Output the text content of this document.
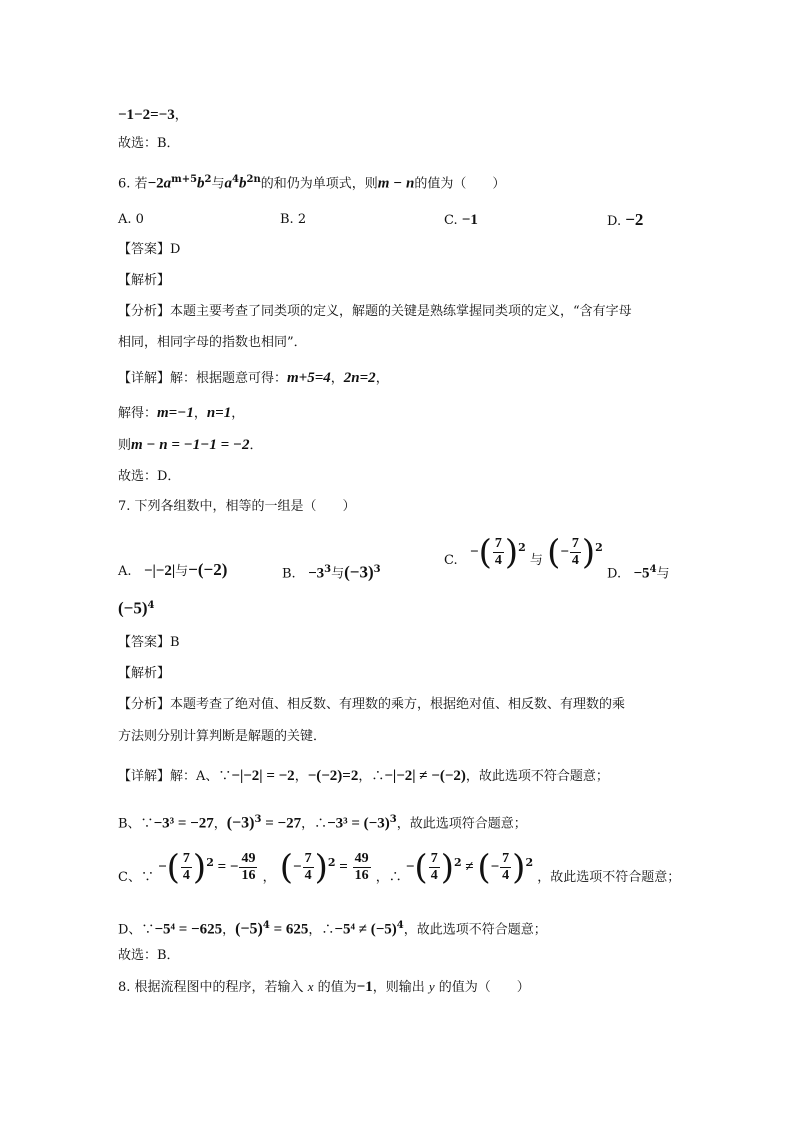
−1−2=−3，
故选：B．
6. 若$-2a^{m+5}b^2$与$a^4b^{2n}$的和仍为单项式，则m − n的值为（　　）
A. 0	B. 2	C. −1	D. −2
【答案】D
【解析】
【分析】本题主要考查了同类项的定义，解题的关键是熟练掌握同类项的定义，“含有字母
相同，相同字母的指数也相同”．
【详解】解：根据题意可得：m+5=4，2n=2，
解得：m=−1，n=1，
则m − n = −1−1 = −2．
故选：D．
7. 下列各组数中，相等的一组是（　　）
A. −|−2|与−(−2)	B. $-3^3$与$(-3)^3$
C.   −( $\frac{7}{4} )^2$ 与 (− $\frac{7}{4} )^2$
D. $-5^4$与
$(-5)^4$
【答案】B
【解析】
【分析】本题考查了绝对值、相反数、有理数的乘方，根据绝对值、相反数、有理数的乘
方法则分别计算判断是解题的关键．
【详解】解：A、∵−|−2| = −2，−(−2)=2，∴−|−2| ≠ −(−2)，故此选项不符合题意；
B、∵−3³ = −27，$(-3)^3 = -27$，∴−3³ = $(-3)^3$，故此选项符合题意；
C、∵ −( $\frac{7}{4} )^2$ = − $\frac{49}{16}$ ， (− $\frac{7}{4} )^2 = \frac{49}{16}$ ，∴ −( $\frac{7}{4} )^2$ ≠ (− $\frac{7}{4} )^2$ ，故此选项不符合题意；
D、∵−5⁴ = −625，$(-5)^4 = 625$，∴−5⁴ ≠ $(-5)^4$，故此选项不符合题意；
故选：B．
8. 根据流程图中的程序，若输入 x 的值为−1，则输出 y 的值为（　　）
